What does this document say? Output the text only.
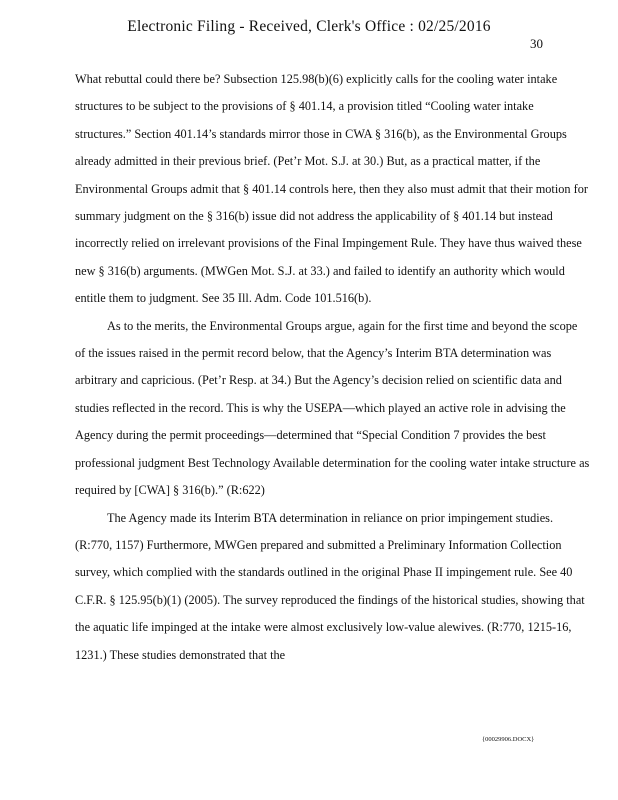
Electronic Filing - Received, Clerk's Office : 02/25/2016
30

What rebuttal could there be? Subsection 125.98(b)(6) explicitly calls for the cooling water intake structures to be subject to the provisions of § 401.14, a provision titled “Cooling water intake structures.” Section 401.14’s standards mirror those in CWA § 316(b), as the Environmental Groups already admitted in their previous brief. (Pet’r Mot. S.J. at 30.) But, as a practical matter, if the Environmental Groups admit that § 401.14 controls here, then they also must admit that their motion for summary judgment on the § 316(b) issue did not address the applicability of § 401.14 but instead incorrectly relied on irrelevant provisions of the Final Impingement Rule. They have thus waived these new § 316(b) arguments. (MWGen Mot. S.J. at 33.) and failed to identify an authority which would entitle them to judgment. See 35 Ill. Adm. Code 101.516(b).

As to the merits, the Environmental Groups argue, again for the first time and beyond the scope of the issues raised in the permit record below, that the Agency’s Interim BTA determination was arbitrary and capricious. (Pet’r Resp. at 34.) But the Agency’s decision relied on scientific data and studies reflected in the record. This is why the USEPA—which played an active role in advising the Agency during the permit proceedings—determined that “Special Condition 7 provides the best professional judgment Best Technology Available determination for the cooling water intake structure as required by [CWA] § 316(b).” (R:622)

The Agency made its Interim BTA determination in reliance on prior impingement studies. (R:770, 1157) Furthermore, MWGen prepared and submitted a Preliminary Information Collection survey, which complied with the standards outlined in the original Phase II impingement rule. See 40 C.F.R. § 125.95(b)(1) (2005). The survey reproduced the findings of the historical studies, showing that the aquatic life impinged at the intake were almost exclusively low-value alewives. (R:770, 1215-16, 1231.) These studies demonstrated that the

{00029906.DOCX}
